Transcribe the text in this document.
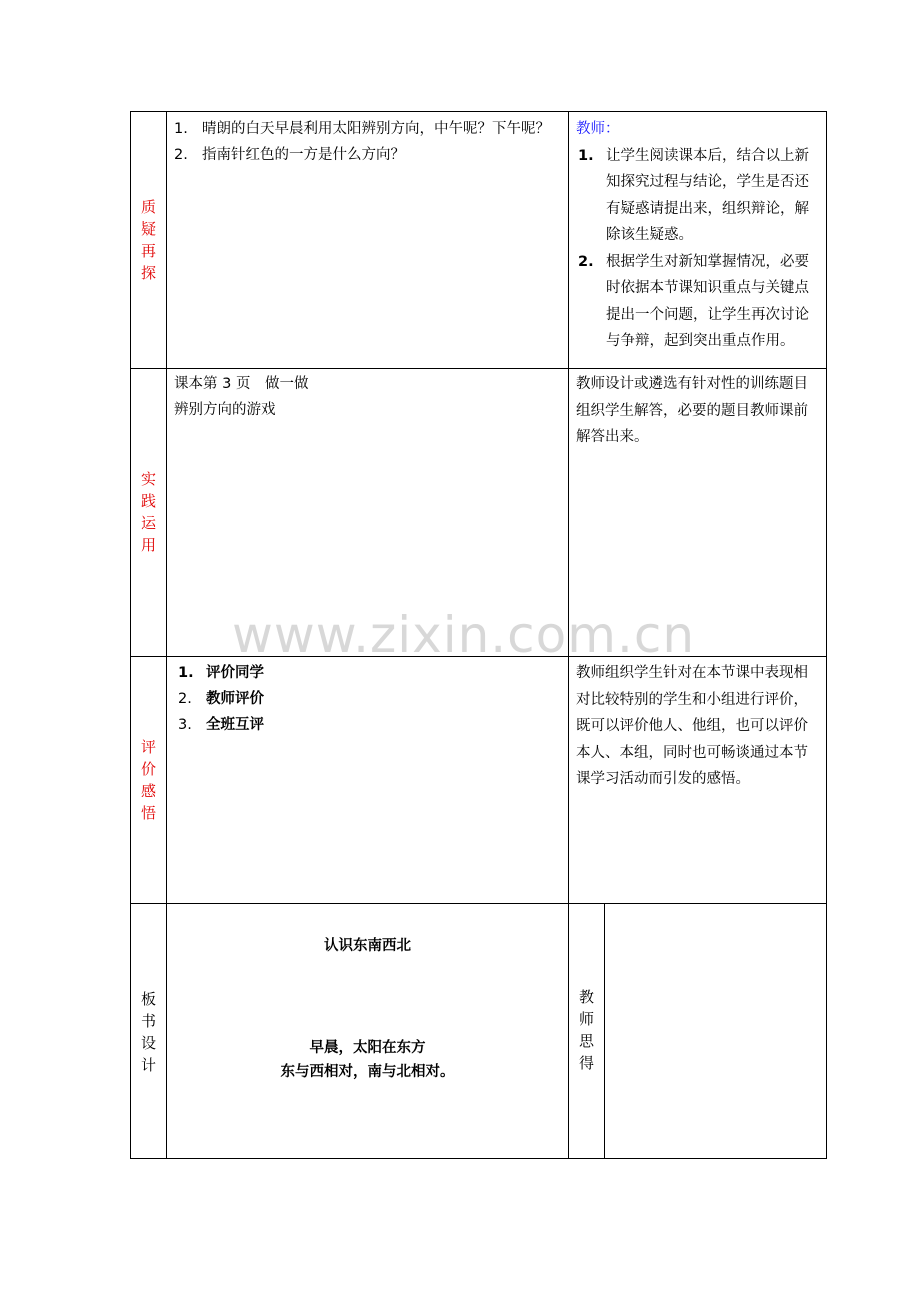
质
疑
再
探
1. 晴朗的白天早晨利用太阳辨别方向，中午呢？下午呢？
2. 指南针红色的一方是什么方向？
教师：
1. 让学生阅读课本后，结合以上新知探究过程与结论，学生是否还有疑惑请提出来，组织辩论，解除该生疑惑。
2. 根据学生对新知掌握情况，必要时依据本节课知识重点与关键点提出一个问题，让学生再次讨论与争辩，起到突出重点作用。
实
践
运
用
课本第 3 页　做一做
辨别方向的游戏
教师设计或遴选有针对性的训练题目组织学生解答，必要的题目教师课前解答出来。
评
价
感
悟
1. 评价同学
2. 教师评价
3. 全班互评
教师组织学生针对在本节课中表现相对比较特别的学生和小组进行评价，既可以评价他人、他组，也可以评价本人、本组，同时也可畅谈通过本节课学习活动而引发的感悟。
板
书
设
计
认识东南西北
早晨，太阳在东方
东与西相对，南与北相对。
教
师
思
得
www.zixin.com.cn
